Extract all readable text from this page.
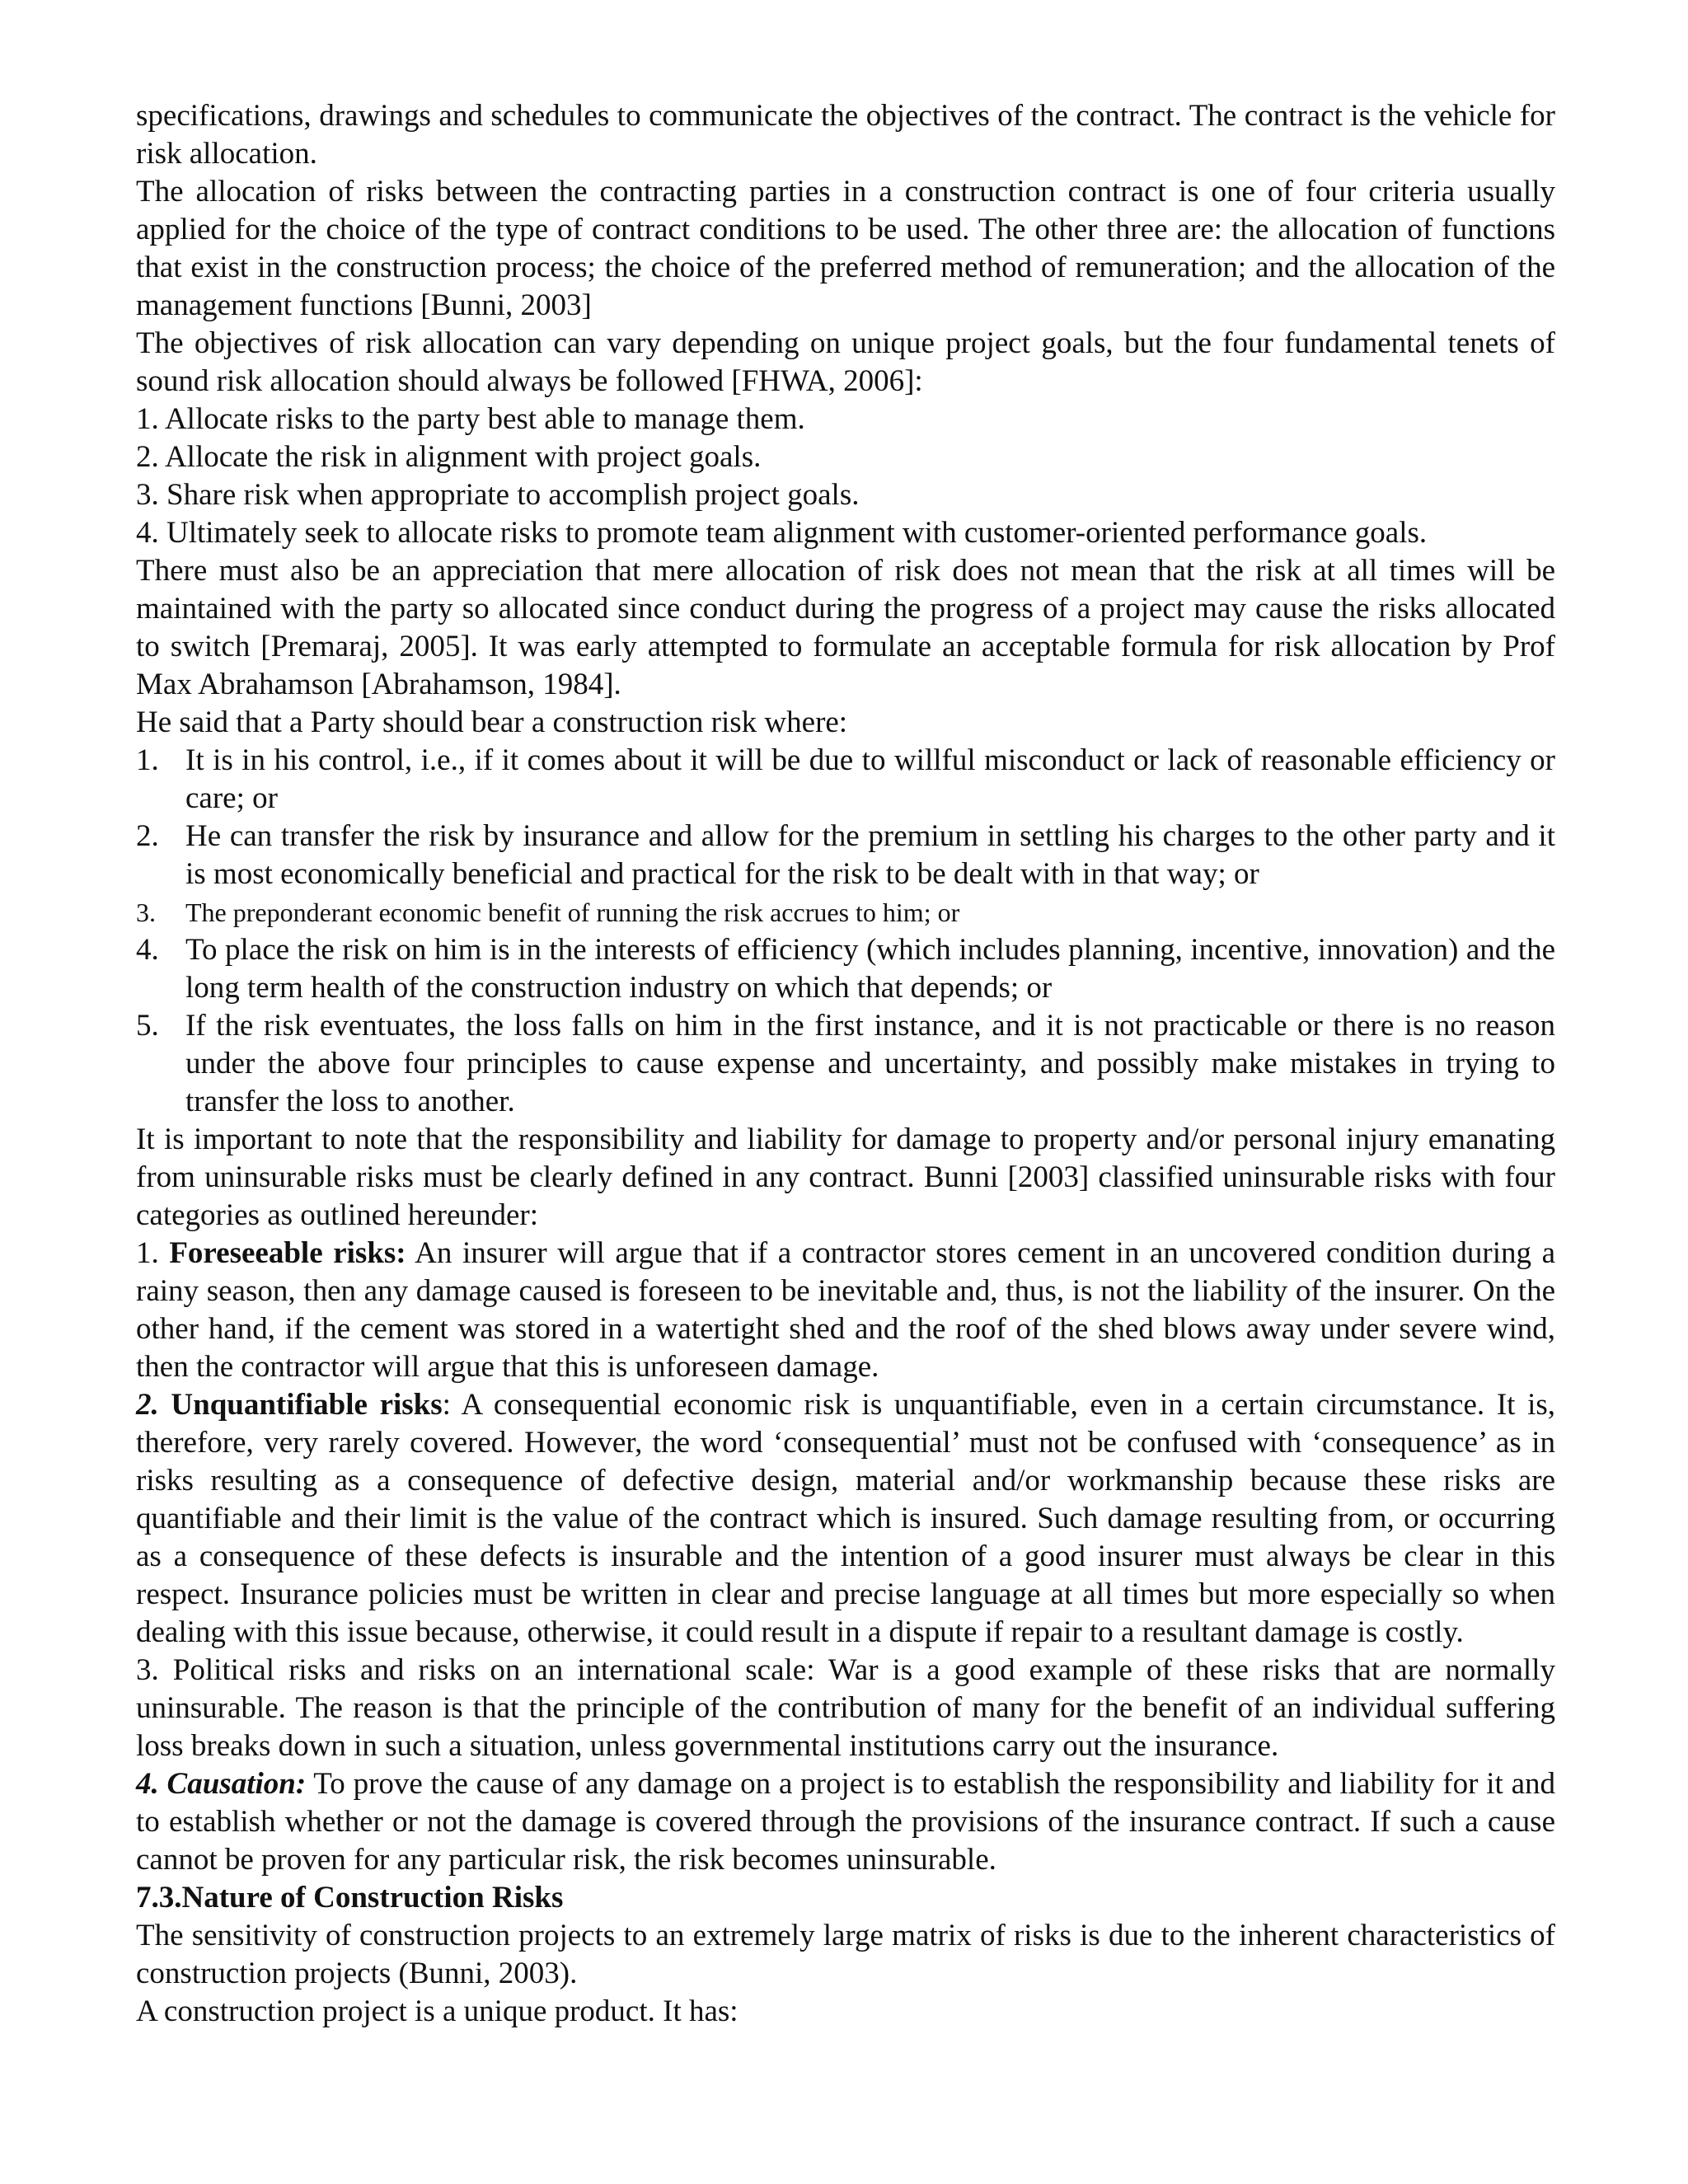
specifications, drawings and schedules to communicate the objectives of the contract. The contract is the vehicle for risk allocation.

The allocation of risks between the contracting parties in a construction contract is one of four criteria usually applied for the choice of the type of contract conditions to be used. The other three are: the allocation of functions that exist in the construction process; the choice of the preferred method of remuneration; and the allocation of the management functions [Bunni, 2003]

The objectives of risk allocation can vary depending on unique project goals, but the four fundamental tenets of sound risk allocation should always be followed [FHWA, 2006]:

1. Allocate risks to the party best able to manage them.
2. Allocate the risk in alignment with project goals.
3. Share risk when appropriate to accomplish project goals.
4. Ultimately seek to allocate risks to promote team alignment with customer-oriented performance goals.

There must also be an appreciation that mere allocation of risk does not mean that the risk at all times will be maintained with the party so allocated since conduct during the progress of a project may cause the risks allocated to switch [Premaraj, 2005]. It was early attempted to formulate an acceptable formula for risk allocation by Prof Max Abrahamson [Abrahamson, 1984].

He said that a Party should bear a construction risk where:

1. It is in his control, i.e., if it comes about it will be due to willful misconduct or lack of reasonable efficiency or care; or
2. He can transfer the risk by insurance and allow for the premium in settling his charges to the other party and it is most economically beneficial and practical for the risk to be dealt with in that way; or
3. The preponderant economic benefit of running the risk accrues to him; or
4. To place the risk on him is in the interests of efficiency (which includes planning, incentive, innovation) and the long term health of the construction industry on which that depends; or
5. If the risk eventuates, the loss falls on him in the first instance, and it is not practicable or there is no reason under the above four principles to cause expense and uncertainty, and possibly make mistakes in trying to transfer the loss to another.

It is important to note that the responsibility and liability for damage to property and/or personal injury emanating from uninsurable risks must be clearly defined in any contract. Bunni [2003] classified uninsurable risks with four categories as outlined hereunder:

1. Foreseeable risks: An insurer will argue that if a contractor stores cement in an uncovered condition during a rainy season, then any damage caused is foreseen to be inevitable and, thus, is not the liability of the insurer. On the other hand, if the cement was stored in a watertight shed and the roof of the shed blows away under severe wind, then the contractor will argue that this is unforeseen damage.

2. Unquantifiable risks: A consequential economic risk is unquantifiable, even in a certain circumstance. It is, therefore, very rarely covered. However, the word ‘consequential’ must not be confused with ‘consequence’ as in risks resulting as a consequence of defective design, material and/or workmanship because these risks are quantifiable and their limit is the value of the contract which is insured. Such damage resulting from, or occurring as a consequence of these defects is insurable and the intention of a good insurer must always be clear in this respect. Insurance policies must be written in clear and precise language at all times but more especially so when dealing with this issue because, otherwise, it could result in a dispute if repair to a resultant damage is costly.

3. Political risks and risks on an international scale: War is a good example of these risks that are normally uninsurable. The reason is that the principle of the contribution of many for the benefit of an individual suffering loss breaks down in such a situation, unless governmental institutions carry out the insurance.

4. Causation: To prove the cause of any damage on a project is to establish the responsibility and liability for it and to establish whether or not the damage is covered through the provisions of the insurance contract. If such a cause cannot be proven for any particular risk, the risk becomes uninsurable.

7.3.Nature of Construction Risks

The sensitivity of construction projects to an extremely large matrix of risks is due to the inherent characteristics of construction projects (Bunni, 2003).

A construction project is a unique product. It has:
